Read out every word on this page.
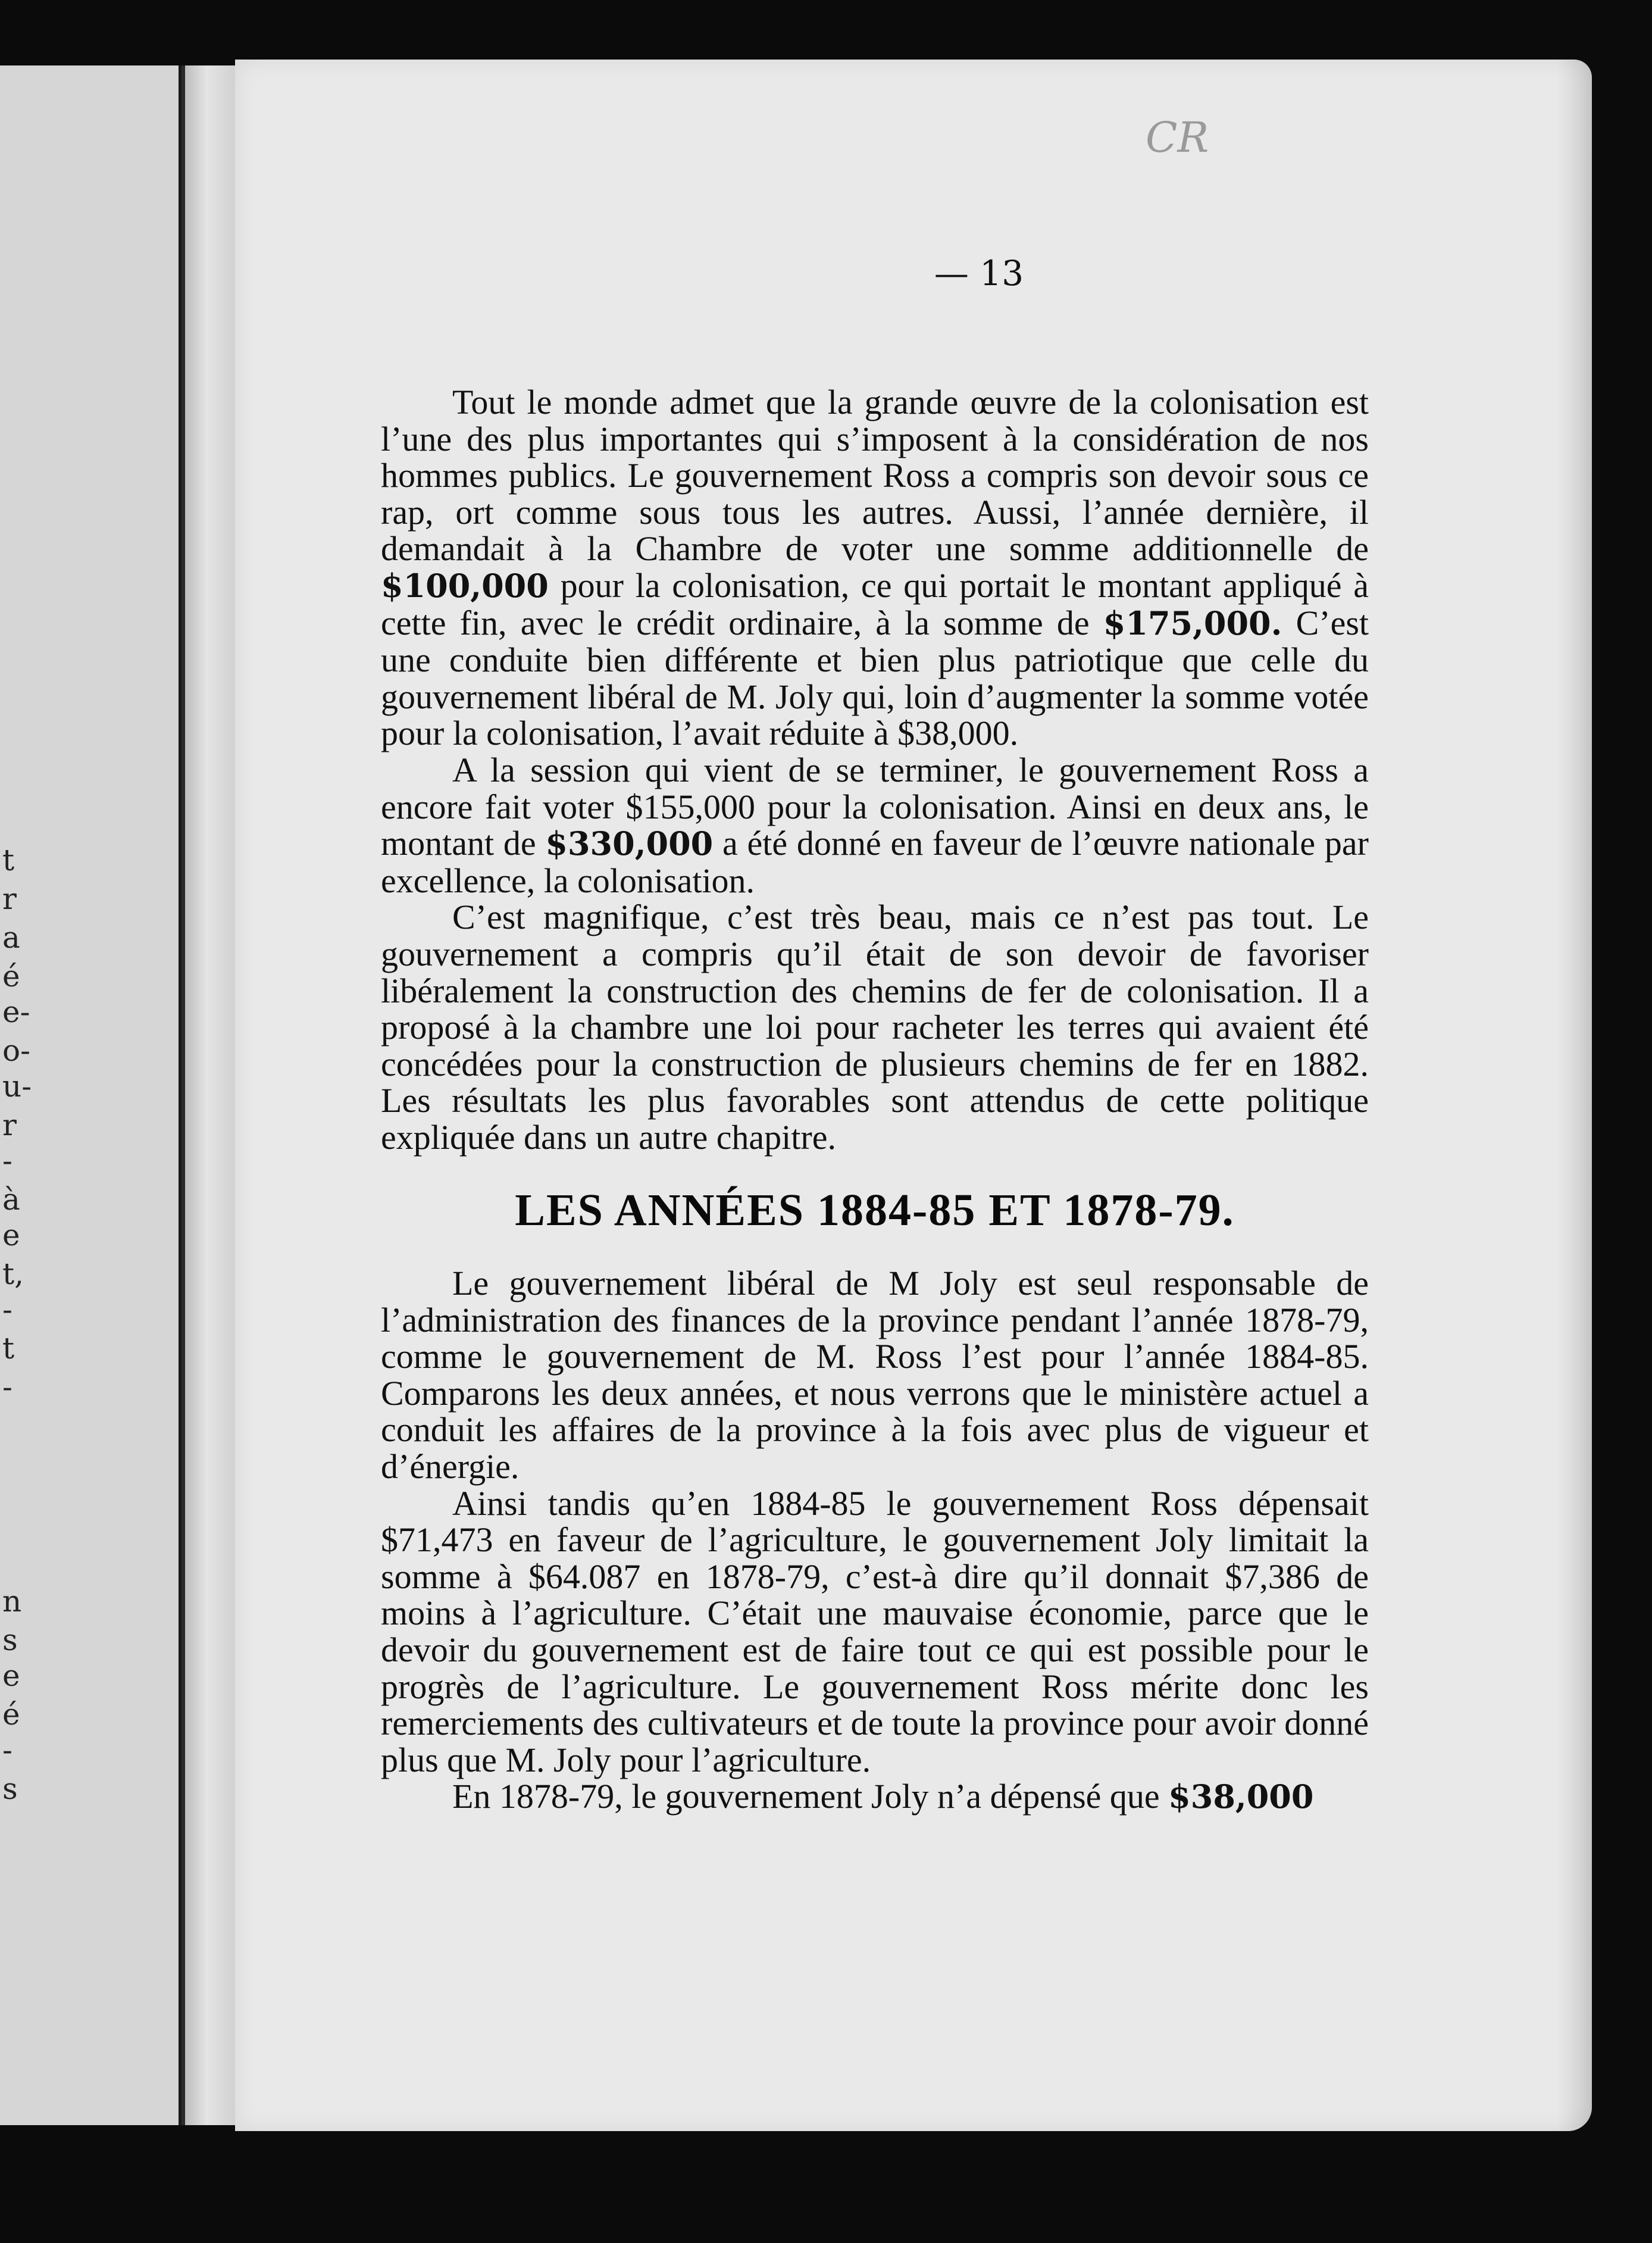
t
r
a
é
e-
o-
u-
r
-
à
e
t,
-
t
-
n
s
e
é
-
s
CR
— 13

Tout le monde admet que la grande œuvre de la colonisation est l’une des plus importantes qui s’imposent à la considération de nos hommes publics. Le gouvernement Ross a compris son devoir sous ce rap, ort comme sous tous les autres. Aussi, l’année dernière, il demandait à la Chambre de voter une somme additionnelle de $100,000 pour la colonisation, ce qui portait le montant appliqué à cette fin, avec le crédit ordinaire, à la somme de $175,000. C’est une conduite bien différente et bien plus patriotique que celle du gouvernement libéral de M. Joly qui, loin d’augmenter la somme votée pour la colonisation, l’avait réduite à $38,000.

A la session qui vient de se terminer, le gouvernement Ross a encore fait voter $155,000 pour la colonisation. Ainsi en deux ans, le montant de $330,000 a été donné en faveur de l’œuvre nationale par excellence, la colonisation.

C’est magnifique, c’est très beau, mais ce n’est pas tout. Le gouvernement a compris qu’il était de son devoir de favoriser libéralement la construction des chemins de fer de colonisation. Il a proposé à la chambre une loi pour racheter les terres qui avaient été concédées pour la construction de plusieurs chemins de fer en 1882. Les résultats les plus favorables sont attendus de cette politique expliquée dans un autre chapitre.

LES ANNÉES 1884-85 ET 1878-79.

Le gouvernement libéral de M Joly est seul responsable de l’administration des finances de la province pendant l’année 1878-79, comme le gouvernement de M. Ross l’est pour l’année 1884-85. Comparons les deux années, et nous verrons que le ministère actuel a conduit les affaires de la province à la fois avec plus de vigueur et d’énergie.

Ainsi tandis qu’en 1884-85 le gouvernement Ross dépensait $71,473 en faveur de l’agriculture, le gouvernement Joly limitait la somme à $64.087 en 1878-79, c’est-à dire qu’il donnait $7,386 de moins à l’agriculture. C’était une mauvaise économie, parce que le devoir du gouvernement est de faire tout ce qui est possible pour le progrès de l’agriculture. Le gouvernement Ross mérite donc les remerciements des cultivateurs et de toute la province pour avoir donné plus que M. Joly pour l’agriculture.

En 1878-79, le gouvernement Joly n’a dépensé que $38,000
